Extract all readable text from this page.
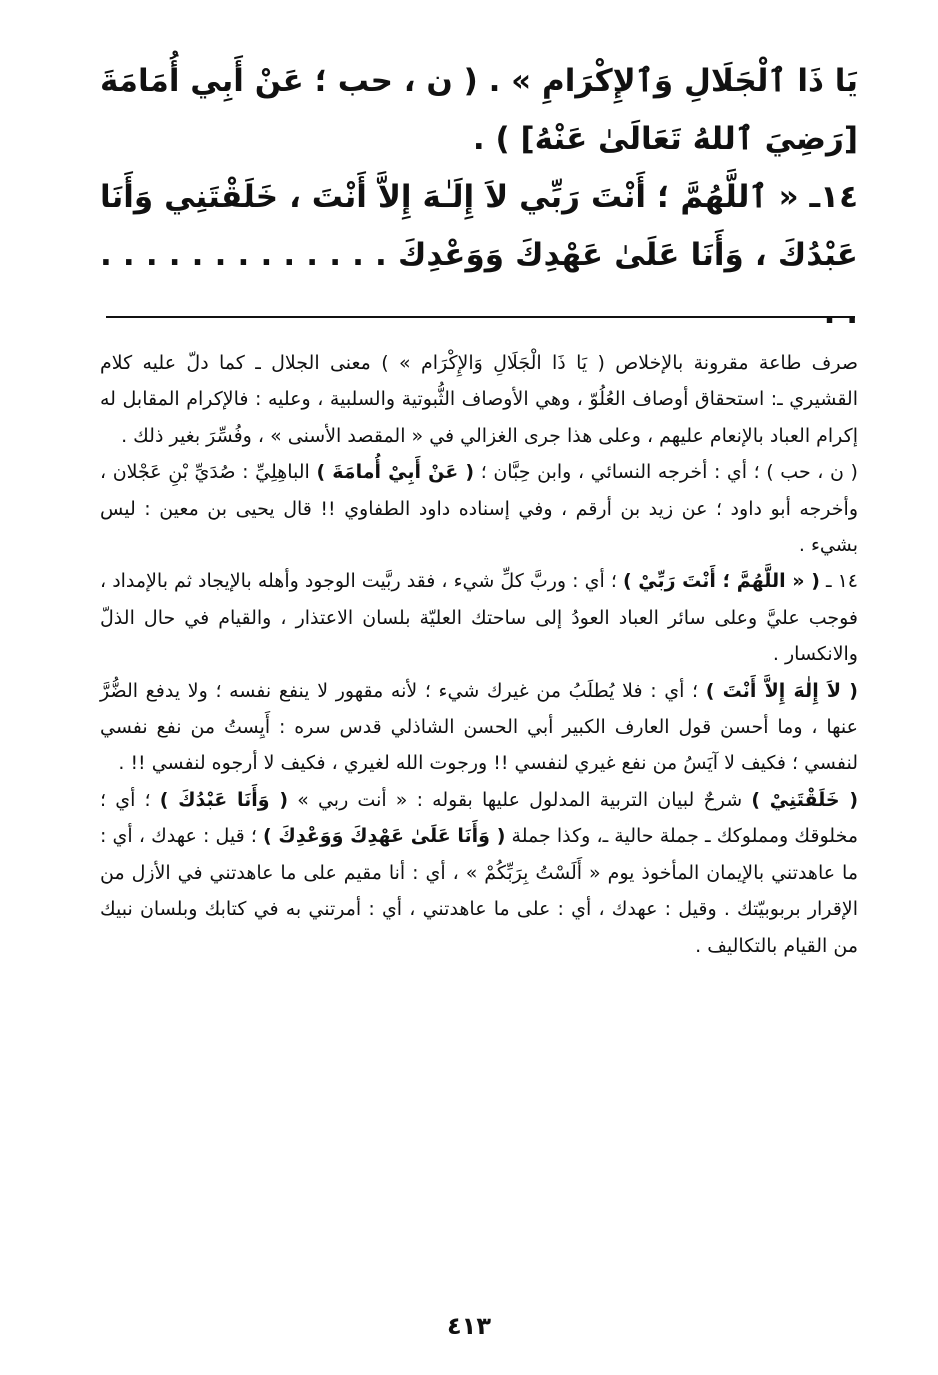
يَا ذَا ٱلْجَلَالِ وَٱلإِكْرَامِ » . ( ن ، حب ؛ عَنْ أَبِي أُمَامَةَ [رَضِيَ ٱللهُ تَعَالَىٰ عَنْهُ] ) .

١٤ـ « ٱللَّهُمَّ ؛ أَنْتَ رَبِّي لاَ إِلَـٰهَ إِلاَّ أَنْتَ ، خَلَقْتَنِي وَأَنَا عَبْدُكَ ، وَأَنَا عَلَىٰ عَهْدِكَ وَوَعْدِكَ . . . . . . . . . . . . . . .

صرف طاعة مقرونة بالإخلاص ( يَا ذَا الْجَلَالِ وَالإِكْرَام » ) معنى الجلال ـ كما دلّ عليه كلام القشيري ـ: استحقاق أوصاف العُلُوّ ، وهي الأوصاف الثُّبوتية والسلبية ، وعليه : فالإكرام المقابل له إكرام العباد بالإنعام عليهم ، وعلى هذا جرى الغزالي في « المقصد الأسنى » ، وفُسِّرَ بغير ذلك .

( ن ، حب ) ؛ أي : أخرجه النسائي ، وابن حِبَّان ؛ ( عَنْ أَبِيْ أُمامَةَ ) الباهِلِيِّ : صُدَيِّ بْنِ عَجْلان ، وأخرجه أبو داود ؛ عن زيد بن أرقم ، وفي إسناده داود الطفاوي !! قال يحيى بن معين : ليس بشيء .

١٤ ـ ( « اللَّهُمَّ ؛ أَنْتَ رَبِّيْ ) ؛ أي : وربَّ كلِّ شيء ، فقد ربَّيت الوجود وأهله بالإيجاد ثم بالإمداد ، فوجب عليَّ وعلى سائر العباد العودُ إلى ساحتك العليّة بلسان الاعتذار ، والقيام في حال الذلّ والانكسار .

( لاَ إِلٰهَ إِلاَّ أَنْتَ ) ؛ أي : فلا يُطلَبُ من غيرك شيء ؛ لأنه مقهور لا ينفع نفسه ؛ ولا يدفع الضُّرَّ عنها ، وما أحسن قول العارف الكبير أبي الحسن الشاذلي قدس سره : أَيِستُ من نفع نفسي لنفسي ؛ فكيف لا آيَسُ من نفع غيري لنفسي !! ورجوت الله لغيري ، فكيف لا أرجوه لنفسي !! .

( خَلَقْتَنِيْ ) شرحٌ لبيان التربية المدلول عليها بقوله : « أنت ربي » ( وَأَنَا عَبْدُكَ ) ؛ أي ؛ مخلوقك ومملوكك ـ جملة حالية ـ، وكذا جملة ( وَأَنَا عَلَىٰ عَهْدِكَ وَوَعْدِكَ ) ؛ قيل : عهدك ، أي : ما عاهدتني بالإيمان المأخوذ يوم « أَلَسْتُ بِرَبِّكُمْ » ، أي : أنا مقيم على ما عاهدتني في الأزل من الإقرار بربوبيّتك . وقيل : عهدك ، أي : على ما عاهدتني ، أي : أمرتني به في كتابك وبلسان نبيك من القيام بالتكاليف .

٤١٣
